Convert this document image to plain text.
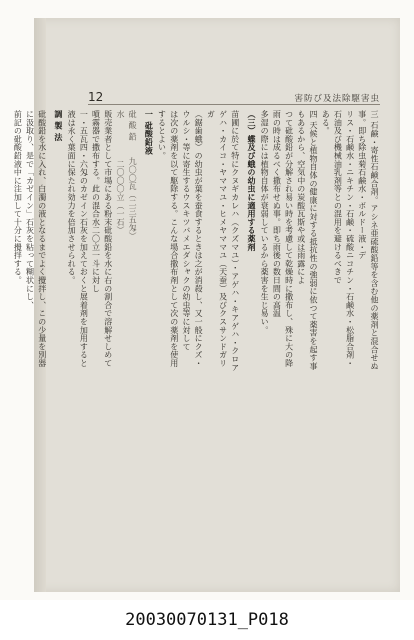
12	虫害駆除法及び防害
三 石鹸・寄性石鹸合剤。アシネ亜硫酸鉛等を含む他の薬剤と混合せぬ事。即ち除虫菊石鹸水・ボルドー液・デ
リス・石鹸水・ニキチン・石鹸・硫酸ニコチン・石鹸水・松脂合剤・石油及び機械油乳剤等との混用を避けるべきで
ある。
四 天候と植物自体の健康に対する抵抗性の強弱に依つて薬害を起す事もあるから、空気中の炭酸瓦斯や或は雨露によ
つて砒酸鉛が分解され易い時を考慮して乾燥時に撒布し、殊に大の降雨の時は成るべく撒布せぬ事。即ち雨後の数日間の高温
多湿の際には植物自体が衰弱しているから薬害を生じ易い。
（三）蝶及び蛾の幼虫に適用する薬剤
苗圃に於て特にクヌギカレハ（クズマユ）・アゲハ・キアゲハ・クロアゲハ・カイコ・ヤママユ・ヒメヤママユ（天蚕）及びクスサンドガリガ
（鋸歯蛾）の幼虫が葉を蚕食するときは之が消殺し、又一般にクズ・ウルシ・等に寄生するウスキツバメエダシャクの幼虫等に対して
は次の薬剤を以て駆除する。こんな場合撒布剤として次の薬剤を使用するとよい。
一 砒酸鉛液
砒 酸 鉛　　九〇〇瓦（二三五匁）
水　　　　　二〇〇〇立（一石）
販売業者として市場にある粉末砒酸鉛を水に右の割合で溶解せしめて噴霧器で撒布する。此の混合水二〇立一斗に対し
一・五瓦四・六匁のカゼイン石灰を加えておくと展着剤を加用すると液は永く葉面に保たれ効力を倍加させられる。
調 製 法
砒酸鉛を水に入れ、白濁の液となるまでよく攪拌し、この少量を別器に汲取り、是で「カゼイン」石灰を粘って糊状にし、
前記の砒酸鉛液中に注加して十分に攪拌する。
20030070131_P018
